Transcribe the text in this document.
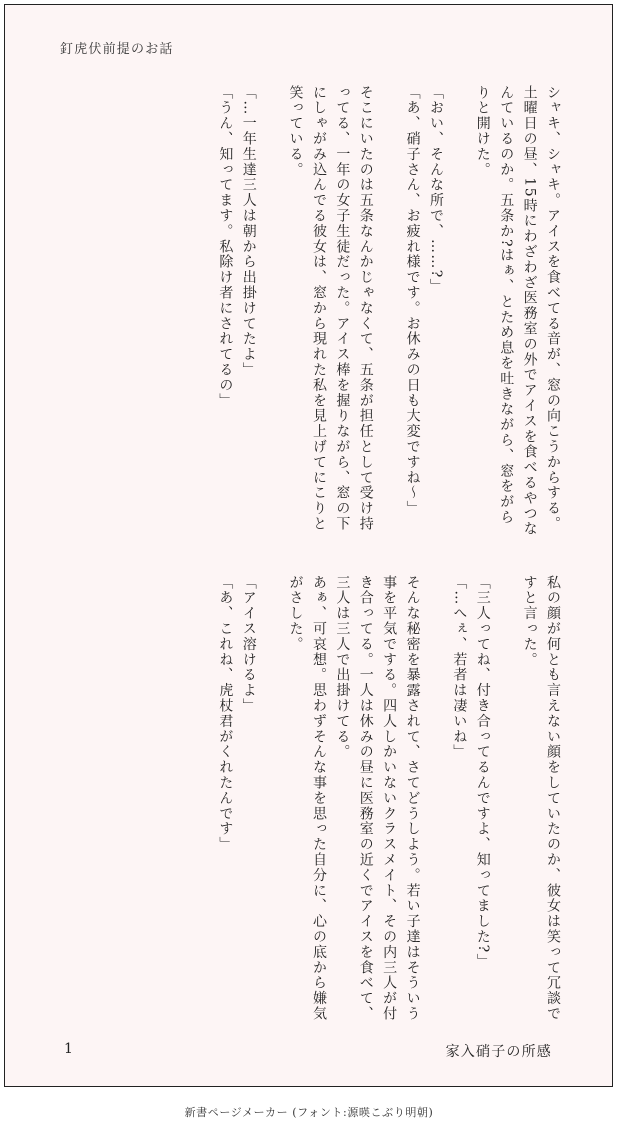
釘虎伏前提のお話

シャキ、シャキ。アイスを食べてる音が、窓の向こうからする。土曜日の昼、15時にわざわざ医務室の外でアイスを食べるやつなんているのか。五条か?はぁ、とため息を吐きながら、窓をがらりと開けた。

「おい、そんな所で、……?」

「あ、硝子さん、お疲れ様です。お休みの日も大変ですね〜」

そこにいたのは五条なんかじゃなくて、五条が担任として受け持ってる、一年の女子生徒だった。アイス棒を握りながら、窓の下にしゃがみ込んでる彼女は、窓から現れた私を見上げてにこりと笑っている。

「…一年生達三人は朝から出掛けてたよ」

「うん、知ってます。私除け者にされてるの」

私の顔が何とも言えない顔をしていたのか、彼女は笑って冗談ですと言った。

「三人ってね、付き合ってるんですよ、知ってました?」

「…へぇ、若者は凄いね」

そんな秘密を暴露されて、さてどうしよう。若い子達はそういう事を平気でする。四人しかいないクラスメイト、その内三人が付き合ってる。一人は休みの昼に医務室の近くでアイスを食べて、三人は三人で出掛けてる。

あぁ、可哀想。思わずそんな事を思った自分に、心の底から嫌気がさした。

「アイス溶けるよ」

「あ、これね、虎杖君がくれたんです」

1	家入硝子の所感
新書ページメーカー (フォント:源暎こぶり明朝)
